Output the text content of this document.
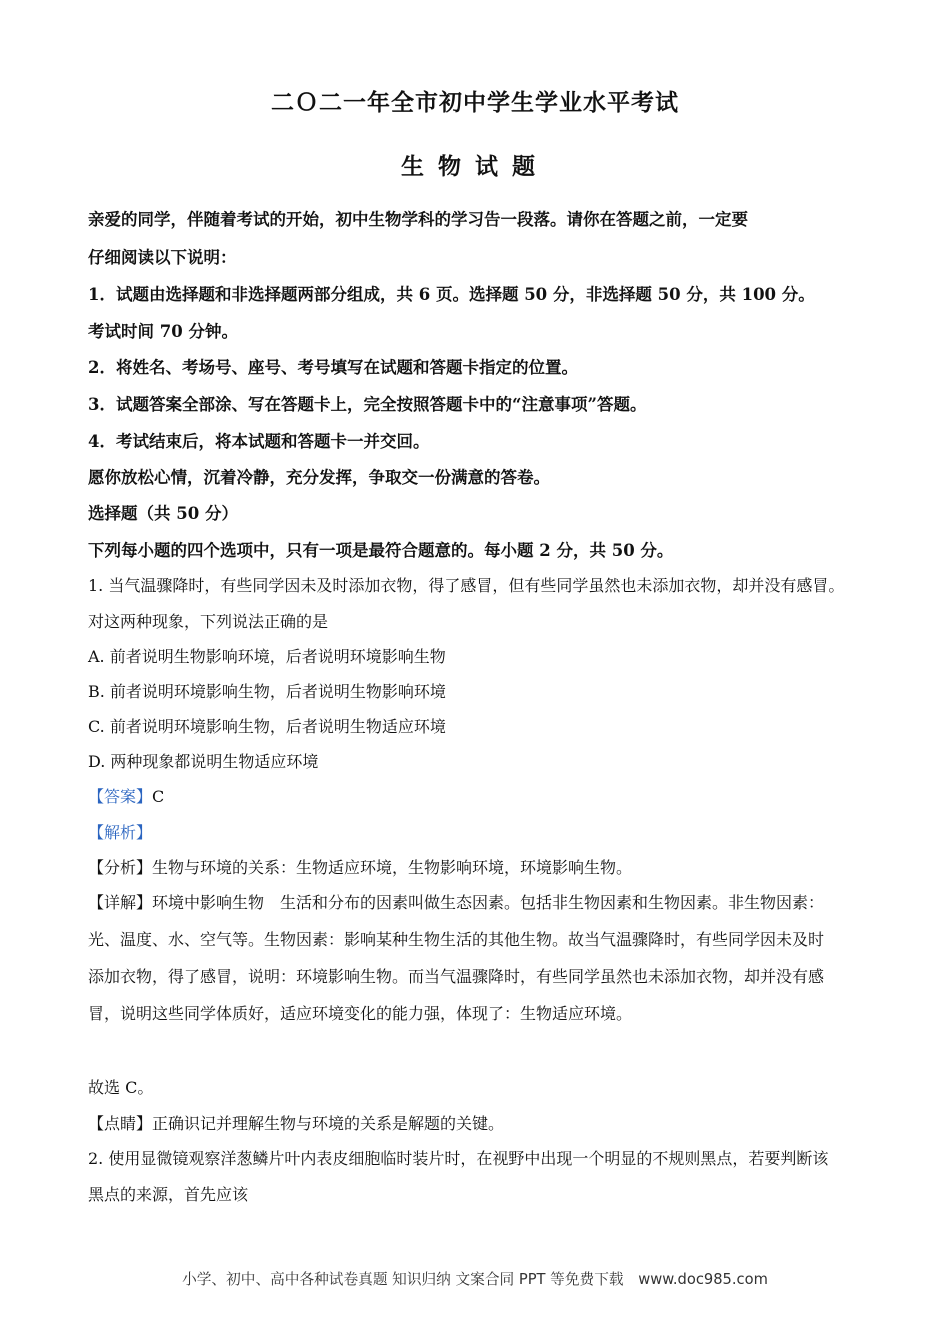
二Ｏ二一年全市初中学生学业水平考试
生物试题
亲爱的同学，伴随着考试的开始，初中生物学科的学习告一段落。请你在答题之前，一定要
仔细阅读以下说明：
1．试题由选择题和非选择题两部分组成，共 6 页。选择题 50 分，非选择题 50 分，共 100 分。
考试时间 70 分钟。
2．将姓名、考场号、座号、考号填写在试题和答题卡指定的位置。
3．试题答案全部涂、写在答题卡上，完全按照答题卡中的“注意事项”答题。
4．考试结束后，将本试题和答题卡一并交回。
愿你放松心情，沉着冷静，充分发挥，争取交一份满意的答卷。
选择题（共 50 分）
下列每小题的四个选项中，只有一项是最符合题意的。每小题 2 分，共 50 分。
1. 当气温骤降时，有些同学因未及时添加衣物，得了感冒，但有些同学虽然也未添加衣物，却并没有感冒。
对这两种现象，下列说法正确的是
A. 前者说明生物影响环境，后者说明环境影响生物
B. 前者说明环境影响生物，后者说明生物影响环境
C. 前者说明环境影响生物，后者说明生物适应环境
D. 两种现象都说明生物适应环境
【答案】C
【解析】
【分析】生物与环境的关系：生物适应环境，生物影响环境，环境影响生物。
【详解】环境中影响生物　生活和分布的因素叫做生态因素。包括非生物因素和生物因素。非生物因素：
光、温度、水、空气等。生物因素：影响某种生物生活的其他生物。故当气温骤降时，有些同学因未及时
添加衣物，得了感冒，说明：环境影响生物。而当气温骤降时，有些同学虽然也未添加衣物，却并没有感
冒，说明这些同学体质好，适应环境变化的能力强，体现了：生物适应环境。
故选 C。
【点睛】正确识记并理解生物与环境的关系是解题的关键。
2. 使用显微镜观察洋葱鳞片叶内表皮细胞临时装片时，在视野中出现一个明显的不规则黑点，若要判断该
黑点的来源，首先应该
小学、初中、高中各种试卷真题 知识归纳 文案合同 PPT 等免费下载　www.doc985.com
